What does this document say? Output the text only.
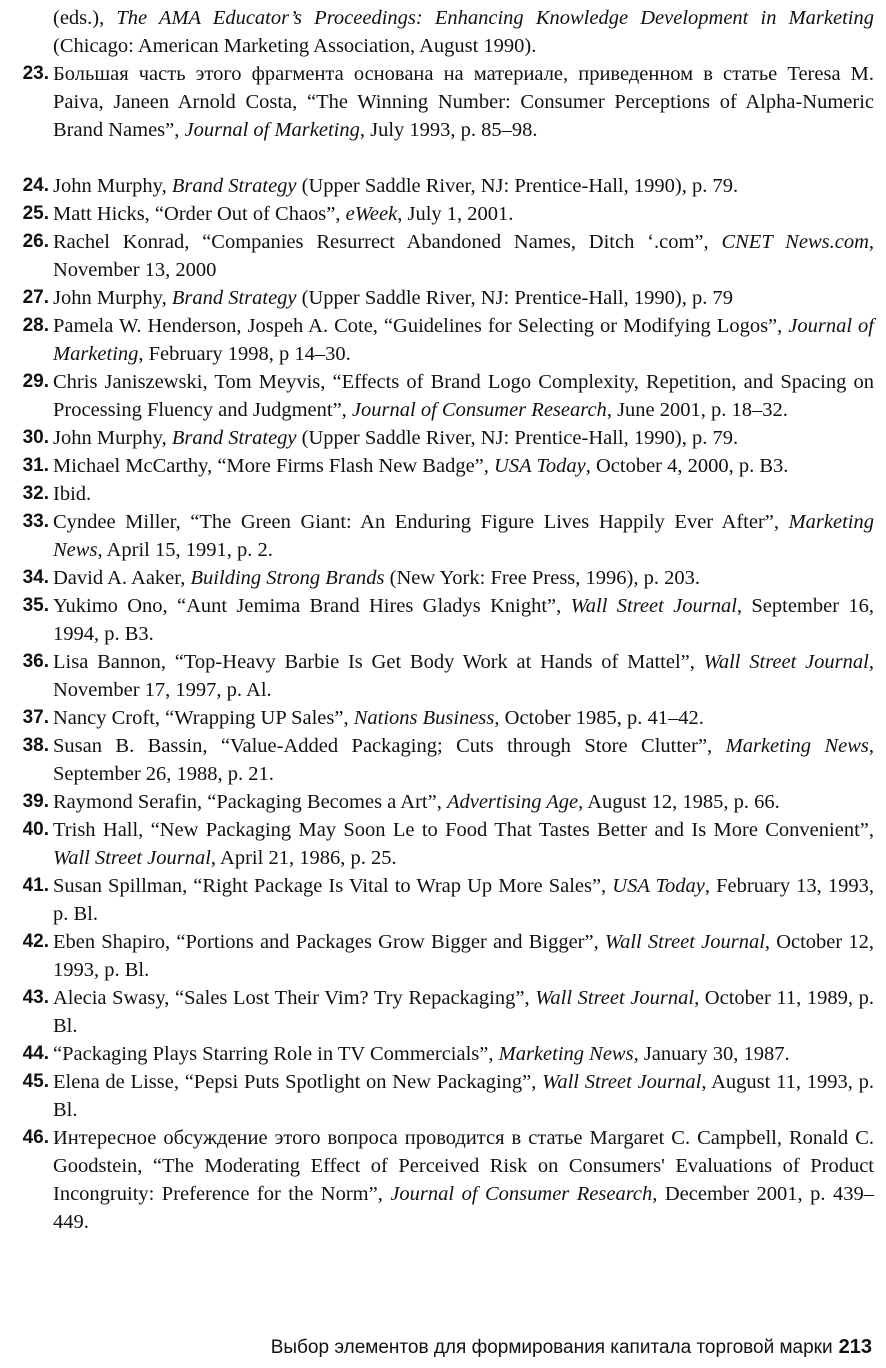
(eds.), The AMA Educator’s Proceedings: Enhancing Knowledge Development in Marketing (Chicago: American Marketing Association, August 1990).
23. Большая часть этого фрагмента основана на материале, приведенном в статье Teresa M. Paiva, Janeen Arnold Costa, “The Winning Number: Consumer Perceptions of Alpha-Numeric Brand Names”, Journal of Marketing, July 1993, p. 85–98.
24. John Murphy, Brand Strategy (Upper Saddle River, NJ: Prentice-Hall, 1990), p. 79.
25. Matt Hicks, “Order Out of Chaos”, eWeek, July 1, 2001.
26. Rachel Konrad, “Companies Resurrect Abandoned Names, Ditch ‘.com”, CNET News.com, November 13, 2000
27. John Murphy, Brand Strategy (Upper Saddle River, NJ: Prentice-Hall, 1990), p. 79
28. Pamela W. Henderson, Jospeh A. Cote, “Guidelines for Selecting or Modifying Logos”, Journal of Marketing, February 1998, p 14–30.
29. Chris Janiszewski, Tom Meyvis, “Effects of Brand Logo Complexity, Repetition, and Spacing on Processing Fluency and Judgment”, Journal of Consumer Research, June 2001, p. 18–32.
30. John Murphy, Brand Strategy (Upper Saddle River, NJ: Prentice-Hall, 1990), p. 79.
31. Michael McCarthy, “More Firms Flash New Badge”, USA Today, October 4, 2000, p. B3.
32. Ibid.
33. Cyndee Miller, “The Green Giant: An Enduring Figure Lives Happily Ever After”, Marketing News, April 15, 1991, p. 2.
34. David A. Aaker, Building Strong Brands (New York: Free Press, 1996), p. 203.
35. Yukimo Ono, “Aunt Jemima Brand Hires Gladys Knight”, Wall Street Journal, September 16, 1994, p. B3.
36. Lisa Bannon, “Top-Heavy Barbie Is Get Body Work at Hands of Mattel”, Wall Street Journal, November 17, 1997, p. Al.
37. Nancy Croft, “Wrapping UP Sales”, Nations Business, October 1985, p. 41–42.
38. Susan B. Bassin, “Value-Added Packaging; Cuts through Store Clutter”, Marketing News, September 26, 1988, p. 21.
39. Raymond Serafin, “Packaging Becomes a Art”, Advertising Age, August 12, 1985, p. 66.
40. Trish Hall, “New Packaging May Soon Le to Food That Tastes Better and Is More Convenient”, Wall Street Journal, April 21, 1986, p. 25.
41. Susan Spillman, “Right Package Is Vital to Wrap Up More Sales”, USA Today, February 13, 1993, p. Bl.
42. Eben Shapiro, “Portions and Packages Grow Bigger and Bigger”, Wall Street Journal, October 12, 1993, p. Bl.
43. Alecia Swasy, “Sales Lost Their Vim? Try Repackaging”, Wall Street Journal, October 11, 1989, p. Bl.
44. “Packaging Plays Starring Role in TV Commercials”, Marketing News, January 30, 1987.
45. Elena de Lisse, “Pepsi Puts Spotlight on New Packaging”, Wall Street Journal, August 11, 1993, p. Bl.
46. Интересное обсуждение этого вопроса проводится в статье Margaret C. Campbell, Ronald C. Goodstein, “The Moderating Effect of Perceived Risk on Consumers' Evaluations of Product Incongruity: Preference for the Norm”, Journal of Consumer Research, December 2001, p. 439–449.
Выбор элементов для формирования капитала торговой марки 213
